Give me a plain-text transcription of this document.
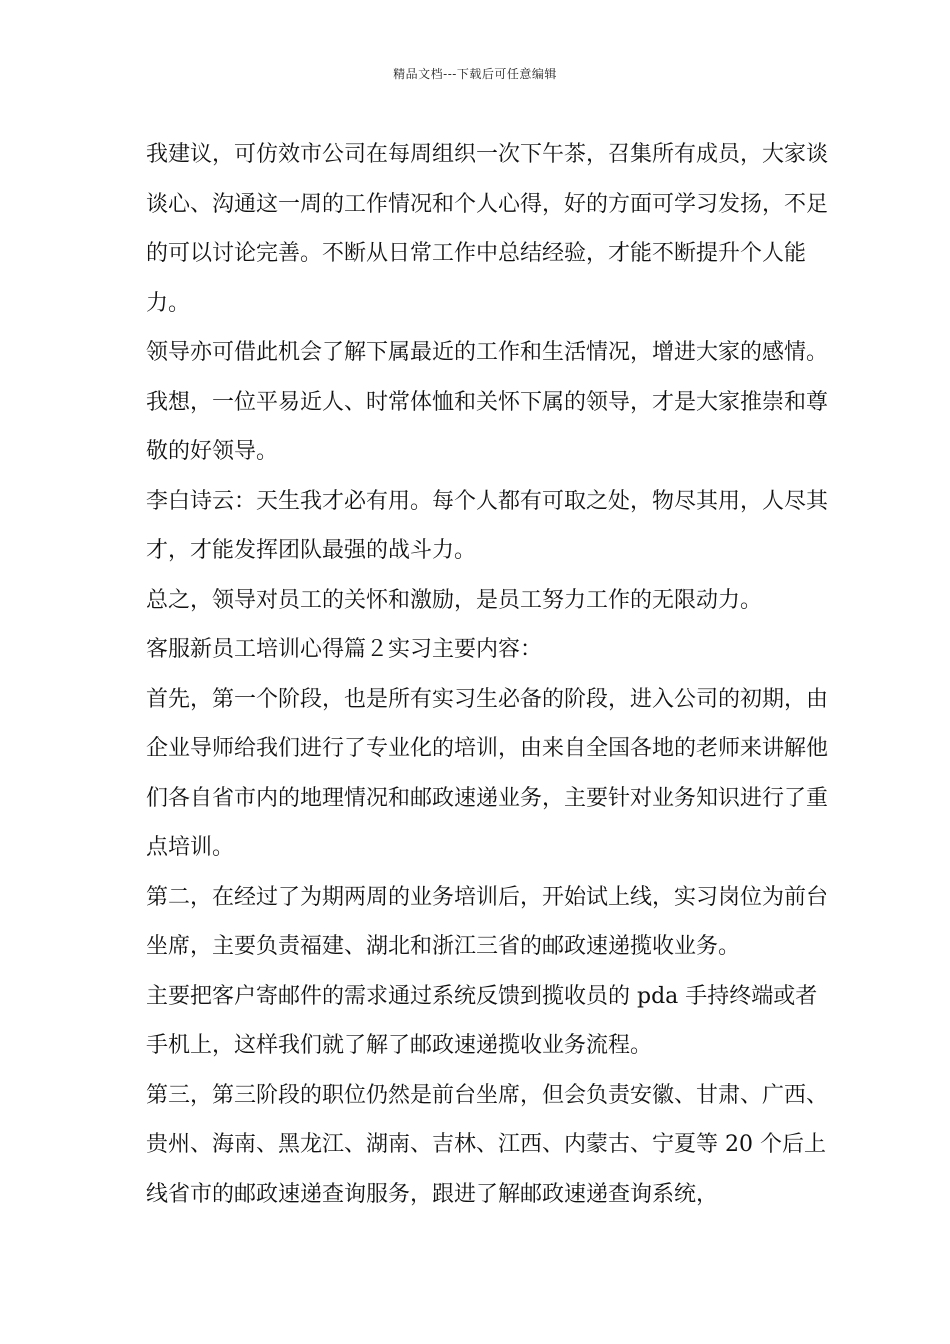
精品文档---下载后可任意编辑

我建议，可仿效市公司在每周组织一次下午茶，召集所有成员，大家谈谈心、沟通这一周的工作情况和个人心得，好的方面可学习发扬，不足的可以讨论完善。不断从日常工作中总结经验，才能不断提升个人能力。

领导亦可借此机会了解下属最近的工作和生活情况，增进大家的感情。我想，一位平易近人、时常体恤和关怀下属的领导，才是大家推崇和尊敬的好领导。

李白诗云：天生我才必有用。每个人都有可取之处，物尽其用，人尽其才，才能发挥团队最强的战斗力。

总之，领导对员工的关怀和激励，是员工努力工作的无限动力。

客服新员工培训心得篇２实习主要内容：

首先，第一个阶段，也是所有实习生必备的阶段，进入公司的初期，由企业导师给我们进行了专业化的培训，由来自全国各地的老师来讲解他们各自省市内的地理情况和邮政速递业务，主要针对业务知识进行了重点培训。

第二，在经过了为期两周的业务培训后，开始试上线，实习岗位为前台坐席，主要负责福建、湖北和浙江三省的邮政速递揽收业务。

主要把客户寄邮件的需求通过系统反馈到揽收员的 pda 手持终端或者手机上，这样我们就了解了邮政速递揽收业务流程。

第三，第三阶段的职位仍然是前台坐席，但会负责安徽、甘肃、广西、贵州、海南、黑龙江、湖南、吉林、江西、内蒙古、宁夏等 20 个后上线省市的邮政速递查询服务，跟进了解邮政速递查询系统，
